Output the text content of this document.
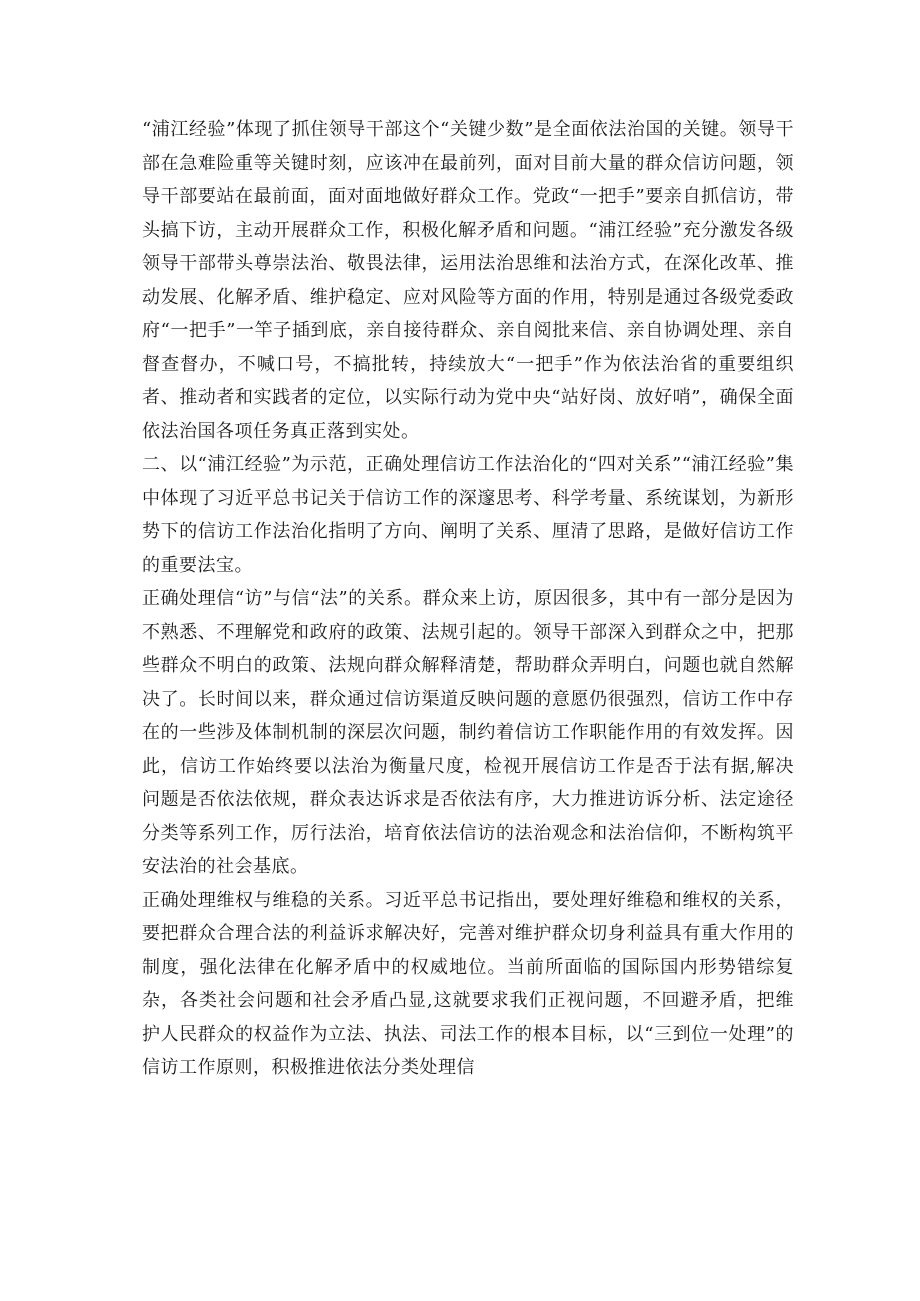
“浦江经验”体现了抓住领导干部这个“关键少数”是全面依法治国的关键。领导干部在急难险重等关键时刻，应该冲在最前列，面对目前大量的群众信访问题，领导干部要站在最前面，面对面地做好群众工作。党政“一把手”要亲自抓信访，带头搞下访，主动开展群众工作，积极化解矛盾和问题。“浦江经验”充分激发各级领导干部带头尊崇法治、敬畏法律，运用法治思维和法治方式，在深化改革、推动发展、化解矛盾、维护稳定、应对风险等方面的作用，特别是通过各级党委政府“一把手”一竿子插到底，亲自接待群众、亲自阅批来信、亲自协调处理、亲自督查督办，不喊口号，不搞批转，持续放大“一把手”作为依法治省的重要组织者、推动者和实践者的定位，以实际行动为党中央“站好岗、放好哨”，确保全面依法治国各项任务真正落到实处。

二、以“浦江经验”为示范，正确处理信访工作法治化的“四对关系”“浦江经验”集中体现了习近平总书记关于信访工作的深邃思考、科学考量、系统谋划，为新形势下的信访工作法治化指明了方向、阐明了关系、厘清了思路，是做好信访工作的重要法宝。

正确处理信“访”与信“法”的关系。群众来上访，原因很多，其中有一部分是因为不熟悉、不理解党和政府的政策、法规引起的。领导干部深入到群众之中，把那些群众不明白的政策、法规向群众解释清楚，帮助群众弄明白，问题也就自然解决了。长时间以来，群众通过信访渠道反映问题的意愿仍很强烈，信访工作中存在的一些涉及体制机制的深层次问题，制约着信访工作职能作用的有效发挥。因此，信访工作始终要以法治为衡量尺度，检视开展信访工作是否于法有据,解决问题是否依法依规，群众表达诉求是否依法有序，大力推进访诉分析、法定途径分类等系列工作，厉行法治，培育依法信访的法治观念和法治信仰，不断构筑平安法治的社会基底。

正确处理维权与维稳的关系。习近平总书记指出，要处理好维稳和维权的关系，要把群众合理合法的利益诉求解决好，完善对维护群众切身利益具有重大作用的制度，强化法律在化解矛盾中的权威地位。当前所面临的国际国内形势错综复杂，各类社会问题和社会矛盾凸显,这就要求我们正视问题，不回避矛盾，把维护人民群众的权益作为立法、执法、司法工作的根本目标，以“三到位一处理”的信访工作原则，积极推进依法分类处理信
